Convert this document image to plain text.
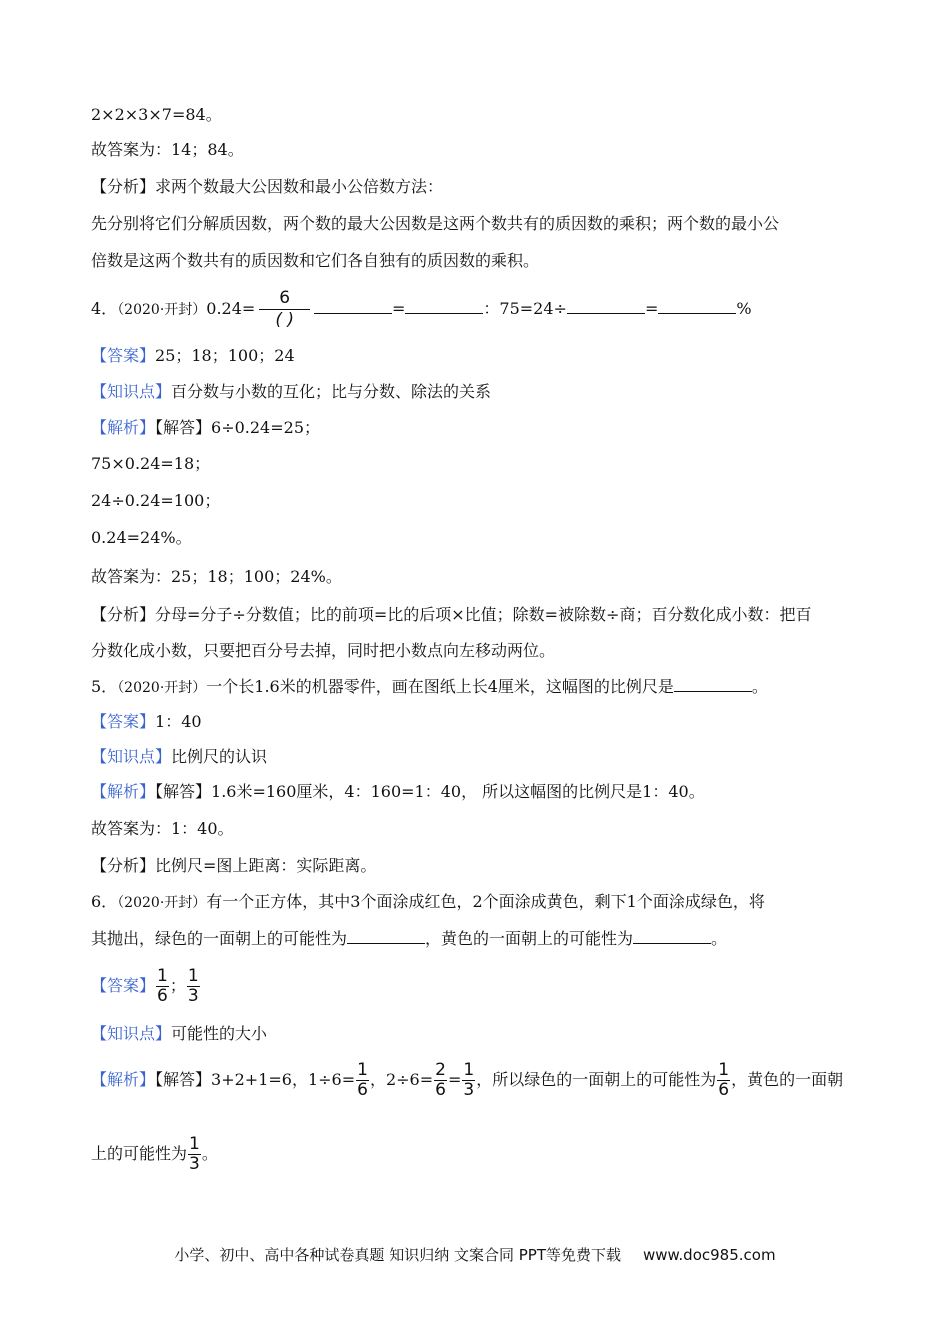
2×2×3×7=84。
故答案为：14；84。
【分析】求两个数最大公因数和最小公倍数方法：
先分别将它们分解质因数，两个数的最大公因数是这两个数共有的质因数的乘积；两个数的最小公
倍数是这两个数共有的质因数和它们各自独有的质因数的乘积。
4．（2020·开封）$0.24= \frac{6}{( )}$	=	：75=24÷	=	%
【答案】25；18；100；24
【知识点】百分数与小数的互化；比与分数、除法的关系
【解析】【解答】6÷0.24=25；
75×0.24=18；
24÷0.24=100；
0.24=24%。
故答案为：25；18；100；24%。
【分析】分母=分子÷分数值；比的前项=比的后项×比值；除数=被除数÷商；百分数化成小数：把百
分数化成小数，只要把百分号去掉，同时把小数点向左移动两位。
5．（2020·开封）一个长1.6米的机器零件，画在图纸上长4厘米，这幅图的比例尺是	。
【答案】1：40
【知识点】比例尺的认识
【解析】【解答】1.6米=160厘米，4：160=1：40， 所以这幅图的比例尺是1：40。
故答案为：1：40。
【分析】比例尺=图上距离：实际距离。
6．（2020·开封）有一个正方体，其中3个面涂成红色，2个面涂成黄色，剩下1个面涂成绿色，将
其抛出，绿色的一面朝上的可能性为	，黄色的一面朝上的可能性为	。
【答案】 $\frac{1}{6}$ ； $\frac{1}{3}$
【知识点】可能性的大小
【解析】【解答】3+2+1=6，$1\div 6= \frac{1}{6}$ ，$2\div 6= \frac{2}{6} = \frac{1}{3}$ ，所以绿色的一面朝上的可能性为 $\frac{1}{6}$ ，黄色的一面朝
上的可能性为 $\frac{1}{3}$ 。
小学、初中、高中各种试卷真题 知识归纳 文案合同 PPT等免费下载 www.doc985.com
